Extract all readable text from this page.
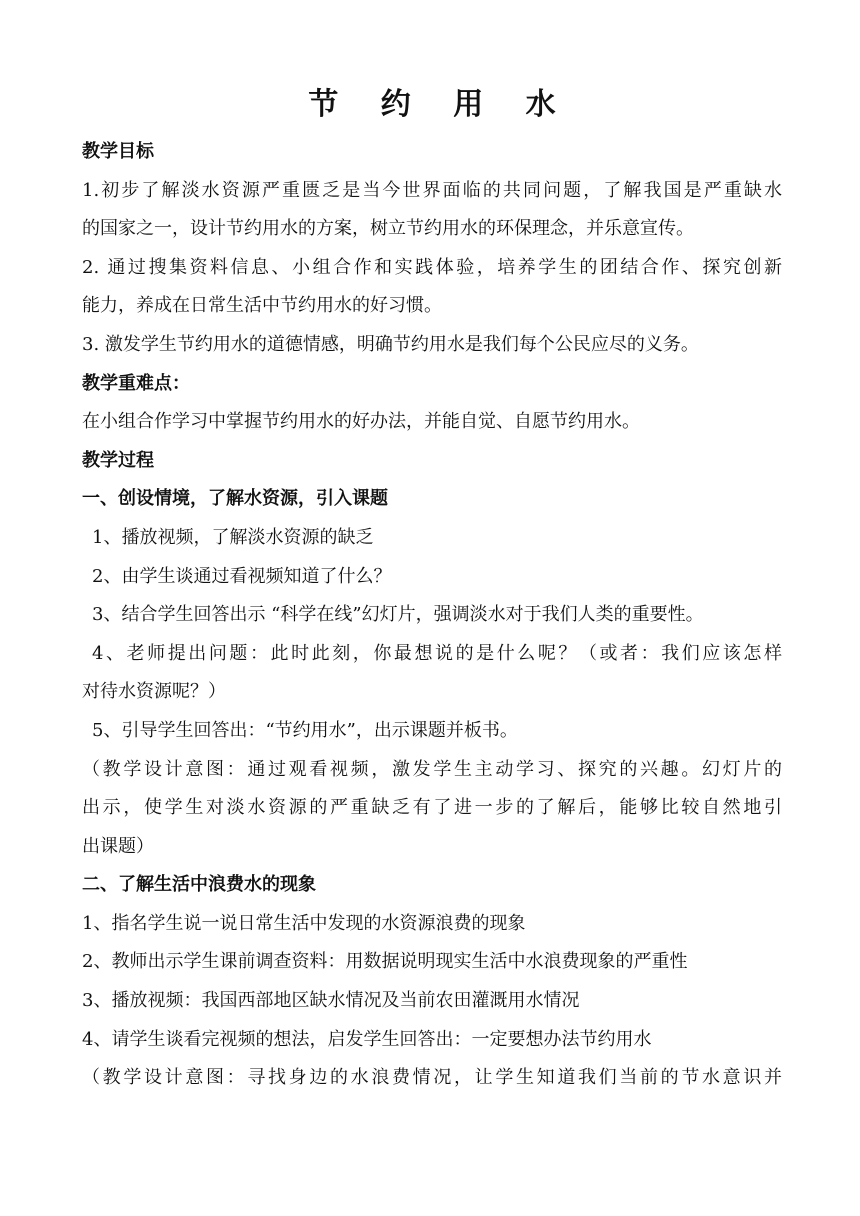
节 约 用 水
教学目标
1.初步了解淡水资源严重匮乏是当今世界面临的共同问题，了解我国是严重缺水
的国家之一，设计节约用水的方案，树立节约用水的环保理念，并乐意宣传。
2. 通过搜集资料信息、小组合作和实践体验，培养学生的团结合作、探究创新
能力，养成在日常生活中节约用水的好习惯。
3. 激发学生节约用水的道德情感，明确节约用水是我们每个公民应尽的义务。
教学重难点：
在小组合作学习中掌握节约用水的好办法，并能自觉、自愿节约用水。
教学过程
一、创设情境，了解水资源，引入课题
1、播放视频，了解淡水资源的缺乏
2、由学生谈通过看视频知道了什么？
3、结合学生回答出示 “科学在线”幻灯片，强调淡水对于我们人类的重要性。
4、老师提出问题：此时此刻，你最想说的是什么呢？（或者：我们应该怎样
对待水资源呢？）
5、引导学生回答出：“节约用水”，出示课题并板书。
（教学设计意图：通过观看视频，激发学生主动学习、探究的兴趣。幻灯片的
出示，使学生对淡水资源的严重缺乏有了进一步的了解后，能够比较自然地引
出课题）
二、了解生活中浪费水的现象
1、指名学生说一说日常生活中发现的水资源浪费的现象
2、教师出示学生课前调查资料：用数据说明现实生活中水浪费现象的严重性
3、播放视频：我国西部地区缺水情况及当前农田灌溉用水情况
4、请学生谈看完视频的想法，启发学生回答出：一定要想办法节约用水
（教学设计意图：寻找身边的水浪费情况，让学生知道我们当前的节水意识并
